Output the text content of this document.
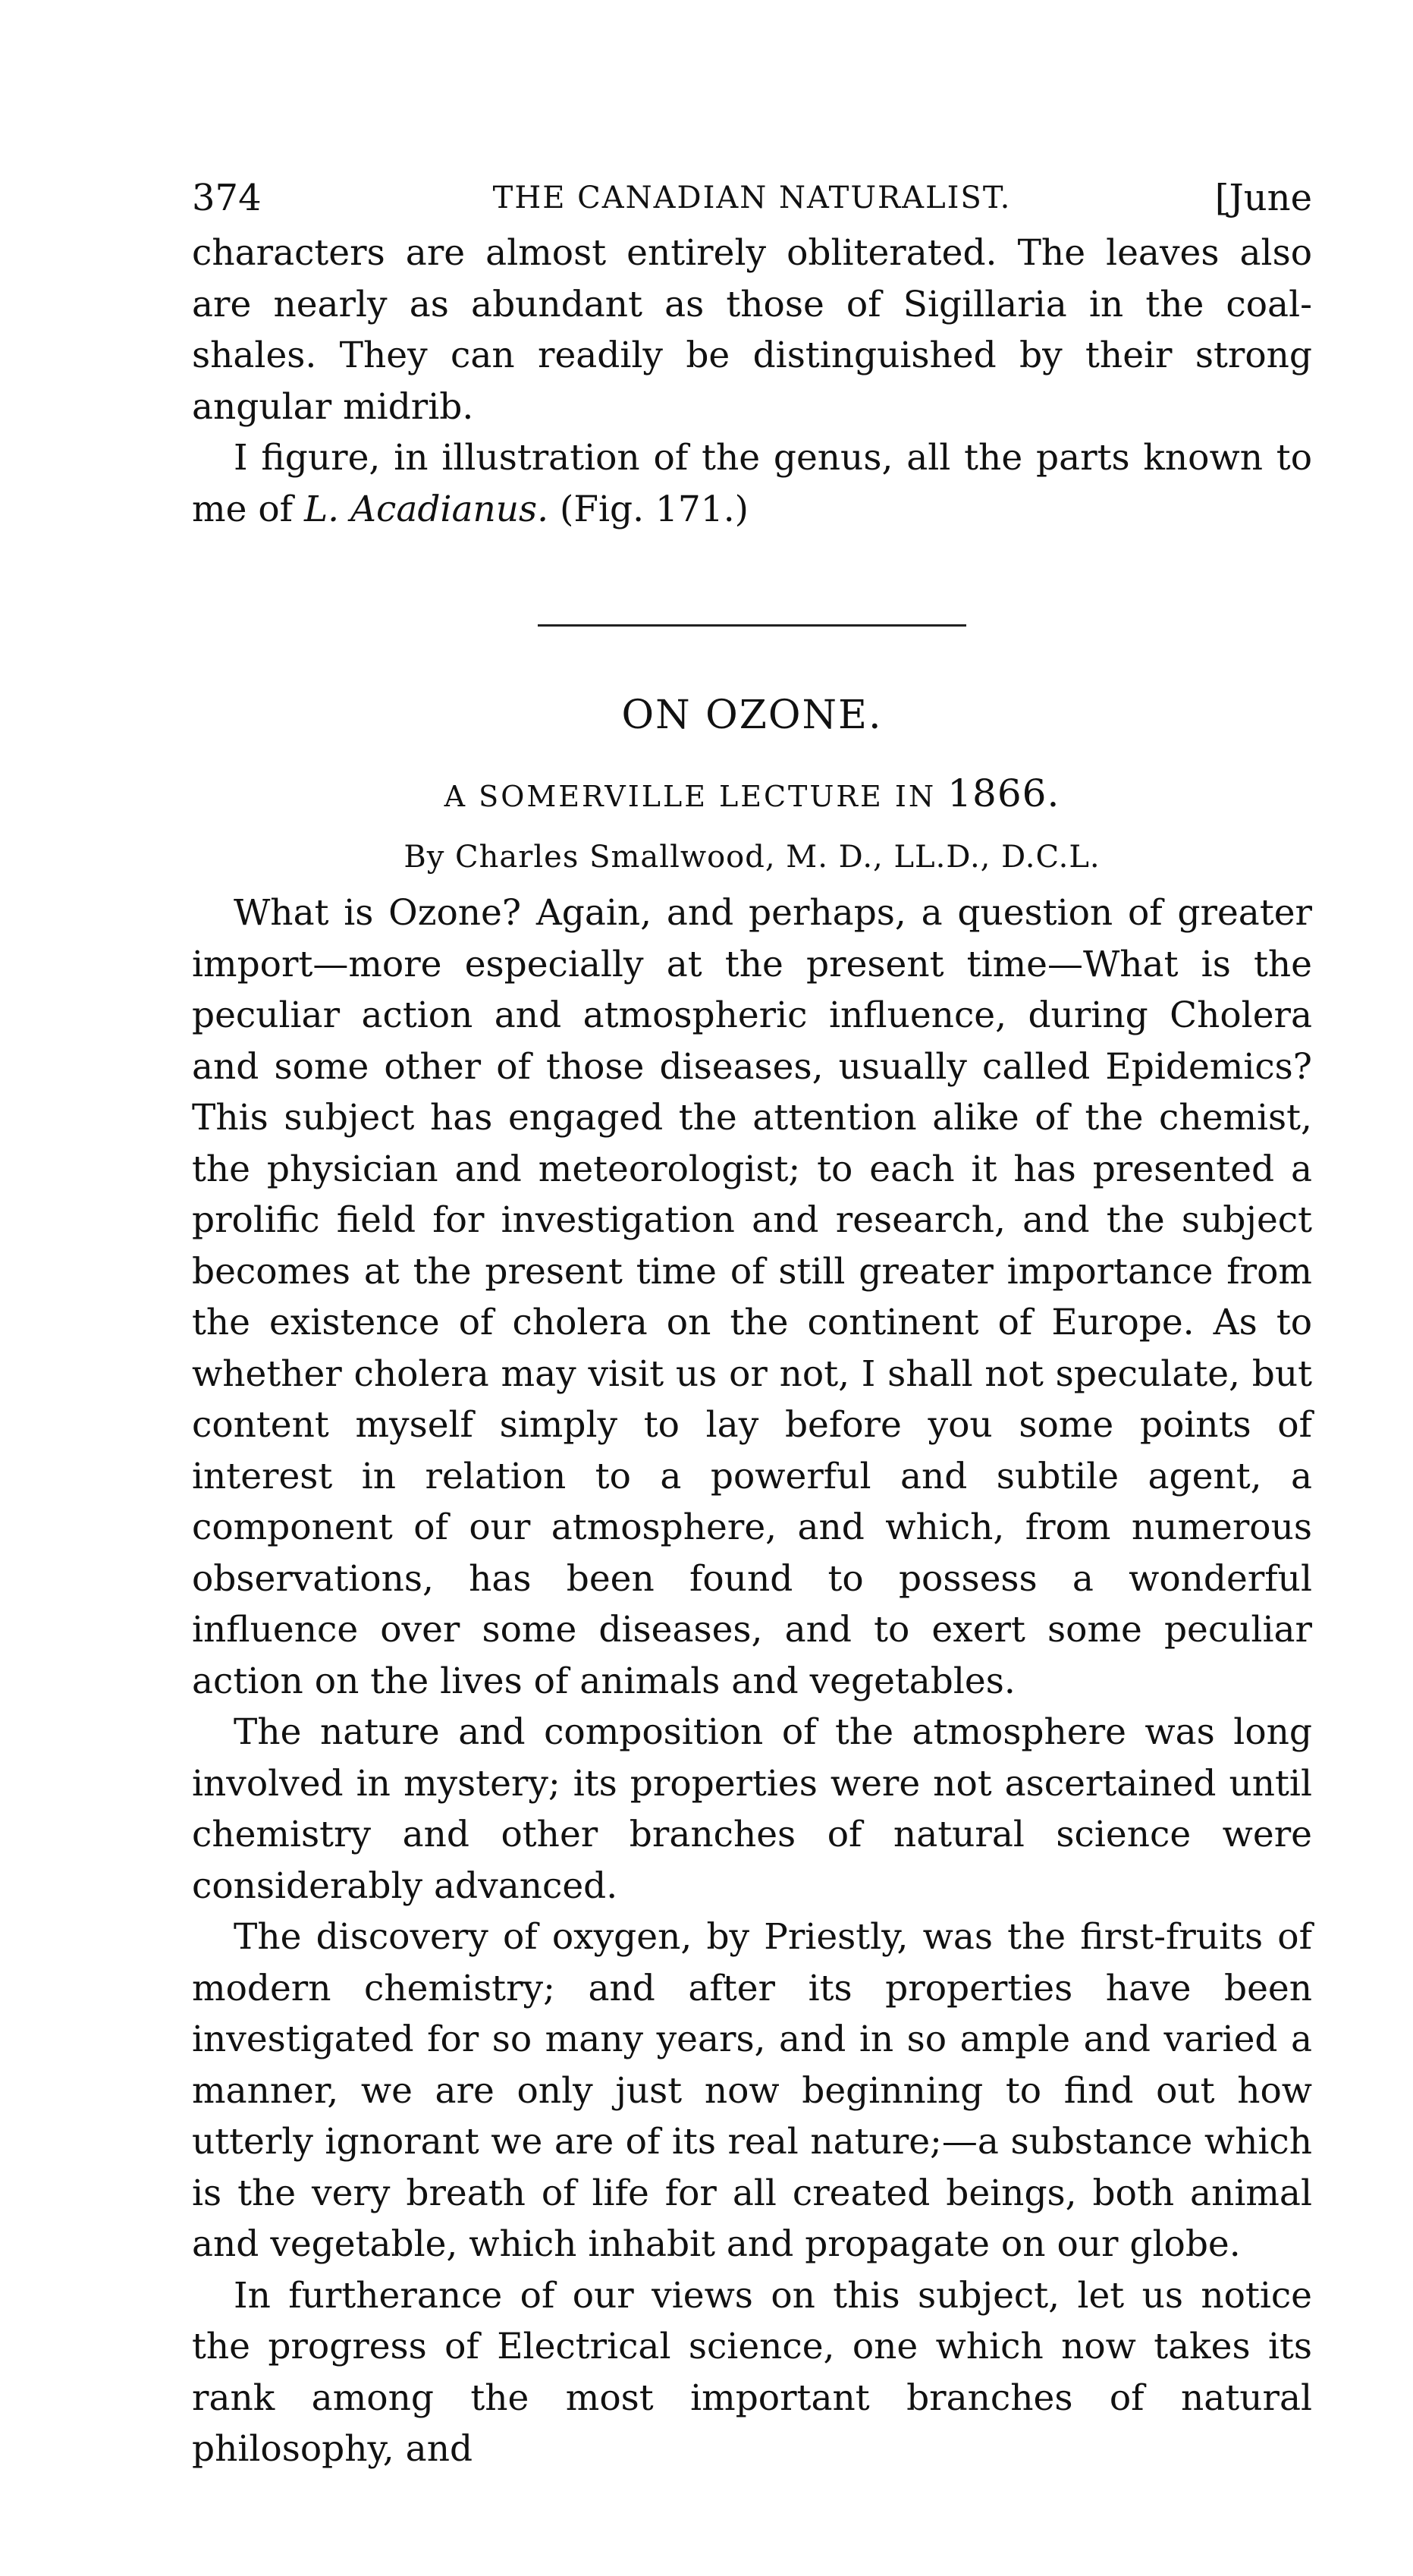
374	THE CANADIAN NATURALIST.	[June

characters are almost entirely obliterated. The leaves also are nearly as abundant as those of Sigillaria in the coal-shales. They can readily be distinguished by their strong angular midrib.

I figure, in illustration of the genus, all the parts known to me of L. Acadianus. (Fig. 171.)

ON OZONE.
A SOMERVILLE LECTURE IN 1866.
By Charles Smallwood, M. D., LL.D., D.C.L.

What is Ozone? Again, and perhaps, a question of greater import—more especially at the present time—What is the peculiar action and atmospheric influence, during Cholera and some other of those diseases, usually called Epidemics? This subject has engaged the attention alike of the chemist, the physician and meteorologist; to each it has presented a prolific field for investigation and research, and the subject becomes at the present time of still greater importance from the existence of cholera on the continent of Europe. As to whether cholera may visit us or not, I shall not speculate, but content myself simply to lay before you some points of interest in relation to a powerful and subtile agent, a component of our atmosphere, and which, from numerous observations, has been found to possess a wonderful influence over some diseases, and to exert some peculiar action on the lives of animals and vegetables.

The nature and composition of the atmosphere was long involved in mystery; its properties were not ascertained until chemistry and other branches of natural science were considerably advanced.

The discovery of oxygen, by Priestly, was the first-fruits of modern chemistry; and after its properties have been investigated for so many years, and in so ample and varied a manner, we are only just now beginning to find out how utterly ignorant we are of its real nature;—a substance which is the very breath of life for all created beings, both animal and vegetable, which inhabit and propagate on our globe.

In furtherance of our views on this subject, let us notice the progress of Electrical science, one which now takes its rank among the most important branches of natural philosophy, and
